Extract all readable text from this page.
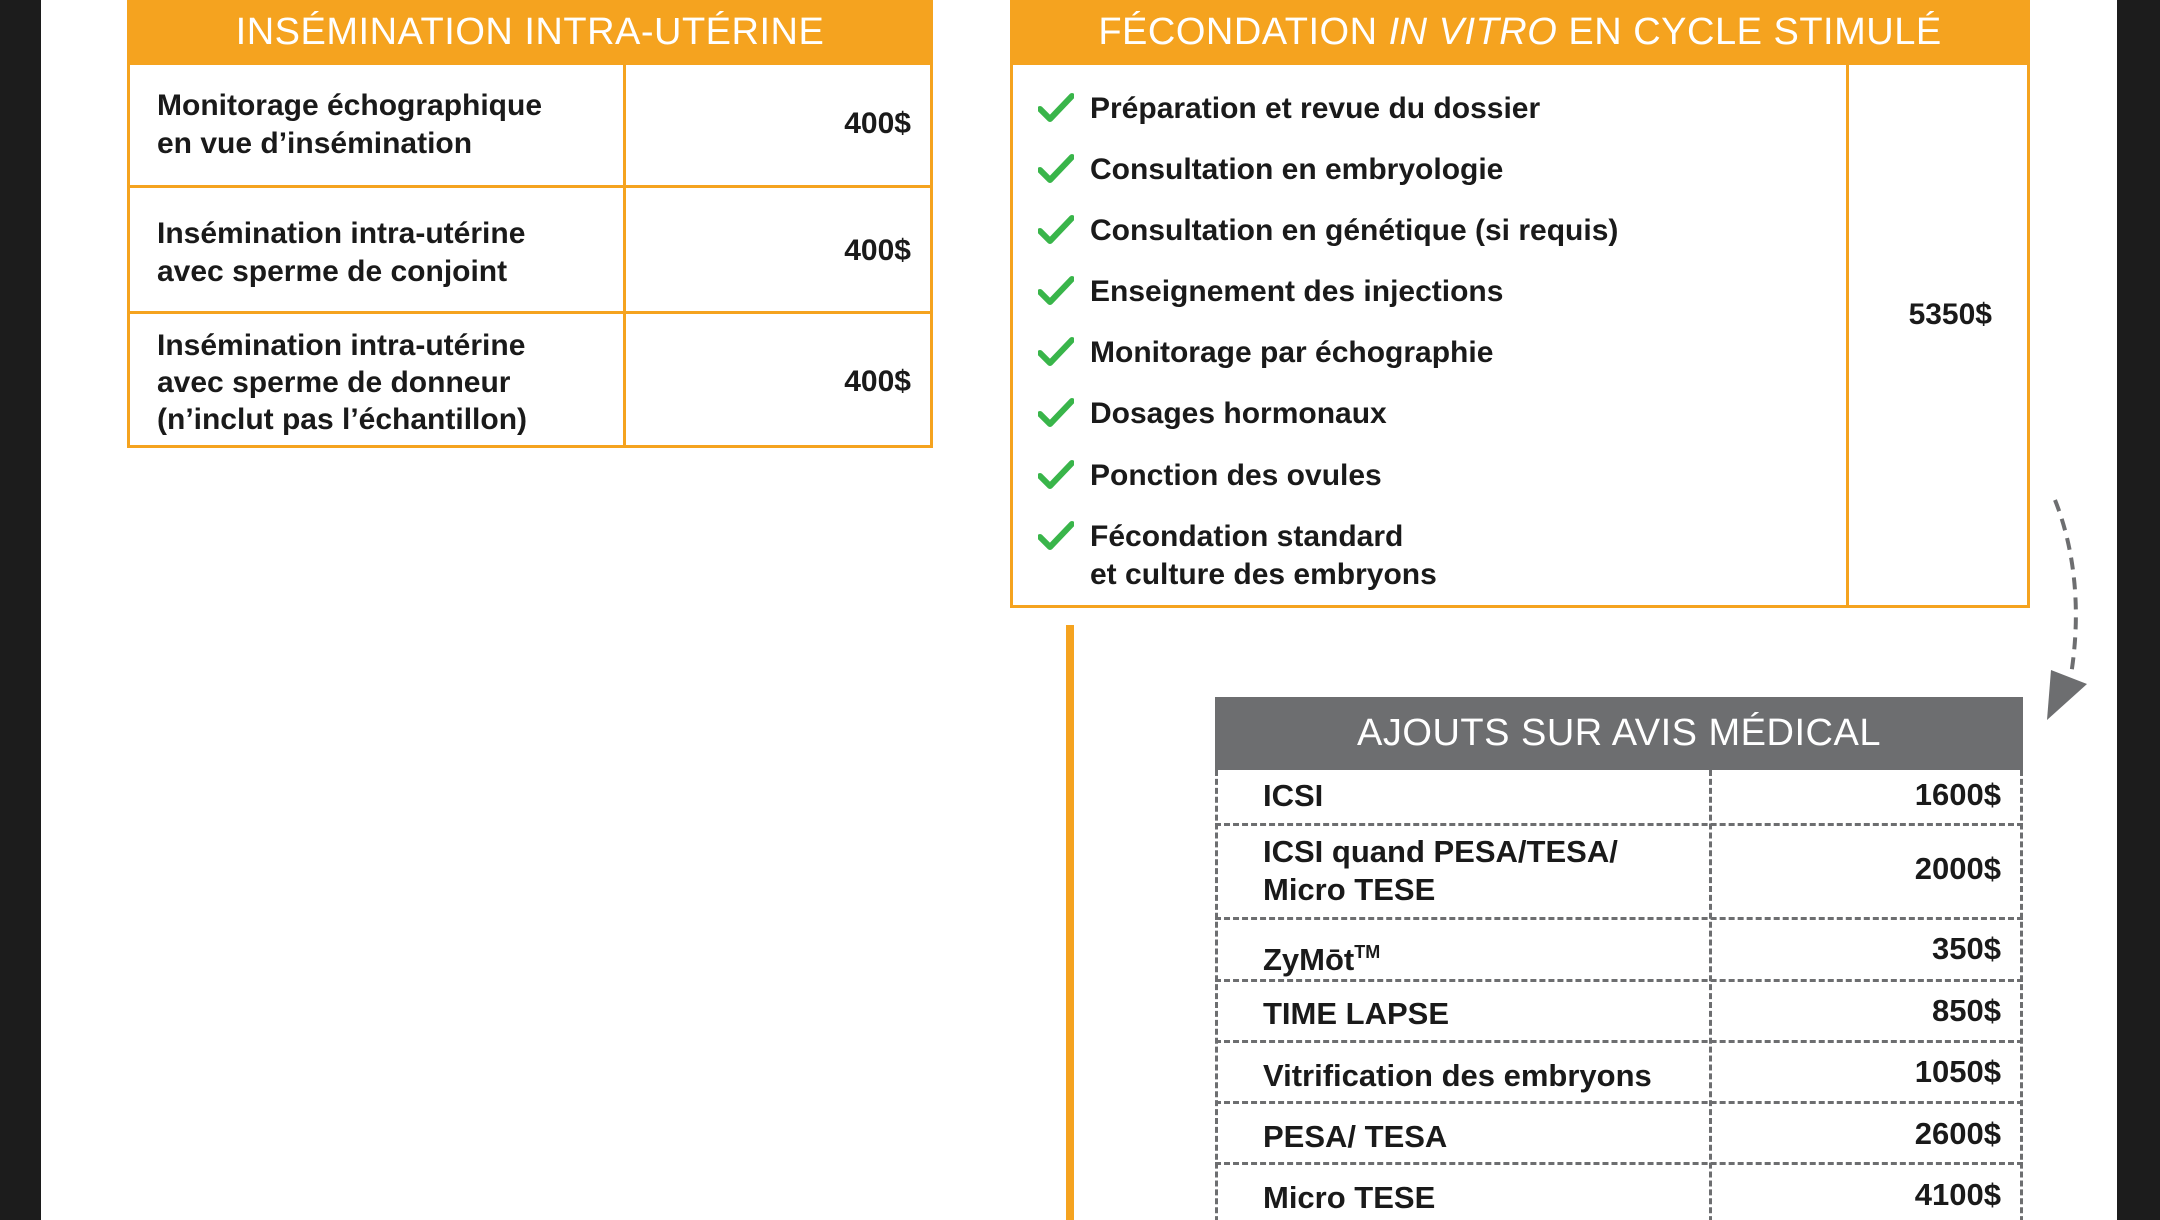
INSÉMINATION INTRA-UTÉRINE
Monitorage échographique
en vue d’insémination
400$
Insémination intra-utérine
avec sperme de conjoint
400$
Insémination intra-utérine
avec sperme de donneur
(n’inclut pas l’échantillon)
400$
FÉCONDATION
IN VITRO
EN CYCLE STIMULÉ
Préparation et revue du dossier
Consultation en embryologie
Consultation en génétique (si requis)
Enseignement des injections
Monitorage par échographie
Dosages hormonaux
Ponction des ovules
Fécondation standard
et culture des embryons
5350$
AJOUTS SUR AVIS MÉDICAL
ICSI	1600$
ICSI quand PESA/TESA/
Micro TESE
2000$
ZyMōt™	350$
TIME LAPSE	850$
Vitrification des embryons	1050$
PESA/ TESA	2600$
Micro TESE	4100$
